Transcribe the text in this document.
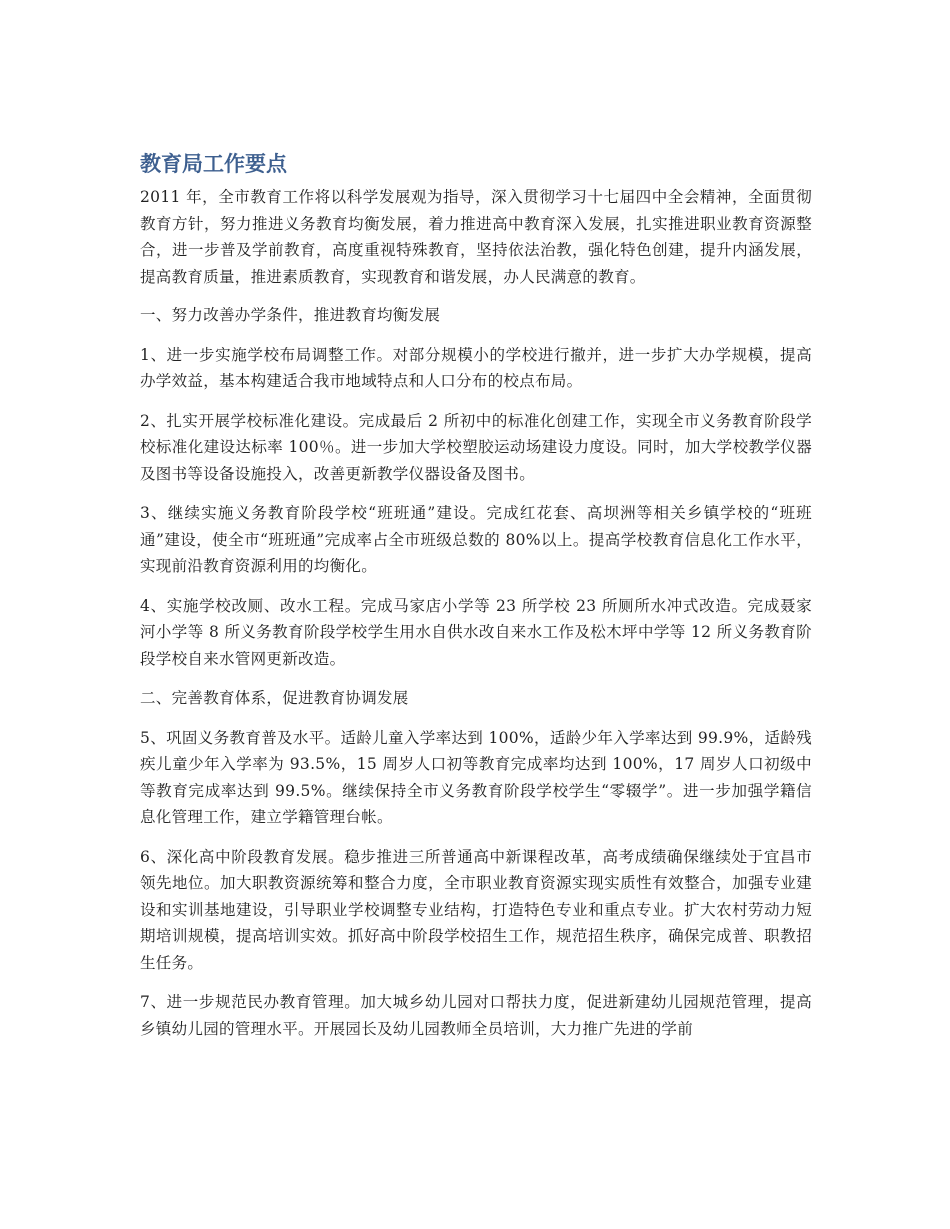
教育局工作要点

2011 年，全市教育工作将以科学发展观为指导，深入贯彻学习十七届四中全会精神，全面贯彻教育方针，努力推进义务教育均衡发展，着力推进高中教育深入发展，扎实推进职业教育资源整合，进一步普及学前教育，高度重视特殊教育，坚持依法治教，强化特色创建，提升内涵发展，提高教育质量，推进素质教育，实现教育和谐发展，办人民满意的教育。

一、努力改善办学条件，推进教育均衡发展

1、进一步实施学校布局调整工作。对部分规模小的学校进行撤并，进一步扩大办学规模，提高办学效益，基本构建适合我市地域特点和人口分布的校点布局。

2、扎实开展学校标准化建设。完成最后 2 所初中的标准化创建工作，实现全市义务教育阶段学校标准化建设达标率 100％。进一步加大学校塑胶运动场建设力度设。同时，加大学校教学仪器及图书等设备设施投入，改善更新教学仪器设备及图书。

3、继续实施义务教育阶段学校“班班通”建设。完成红花套、高坝洲等相关乡镇学校的“班班通”建设，使全市“班班通”完成率占全市班级总数的 80%以上。提高学校教育信息化工作水平，实现前沿教育资源利用的均衡化。

4、实施学校改厕、改水工程。完成马家店小学等 23 所学校 23 所厕所水冲式改造。完成聂家河小学等 8 所义务教育阶段学校学生用水自供水改自来水工作及松木坪中学等 12 所义务教育阶段学校自来水管网更新改造。

二、完善教育体系，促进教育协调发展

5、巩固义务教育普及水平。适龄儿童入学率达到 100%，适龄少年入学率达到 99.9%，适龄残疾儿童少年入学率为 93.5%，15 周岁人口初等教育完成率均达到 100%，17 周岁人口初级中等教育完成率达到 99.5%。继续保持全市义务教育阶段学校学生“零辍学”。进一步加强学籍信息化管理工作，建立学籍管理台帐。

6、深化高中阶段教育发展。稳步推进三所普通高中新课程改革，高考成绩确保继续处于宜昌市领先地位。加大职教资源统筹和整合力度，全市职业教育资源实现实质性有效整合，加强专业建设和实训基地建设，引导职业学校调整专业结构，打造特色专业和重点专业。扩大农村劳动力短期培训规模，提高培训实效。抓好高中阶段学校招生工作，规范招生秩序，确保完成普、职教招生任务。

7、进一步规范民办教育管理。加大城乡幼儿园对口帮扶力度，促进新建幼儿园规范管理，提高乡镇幼儿园的管理水平。开展园长及幼儿园教师全员培训，大力推广先进的学前
